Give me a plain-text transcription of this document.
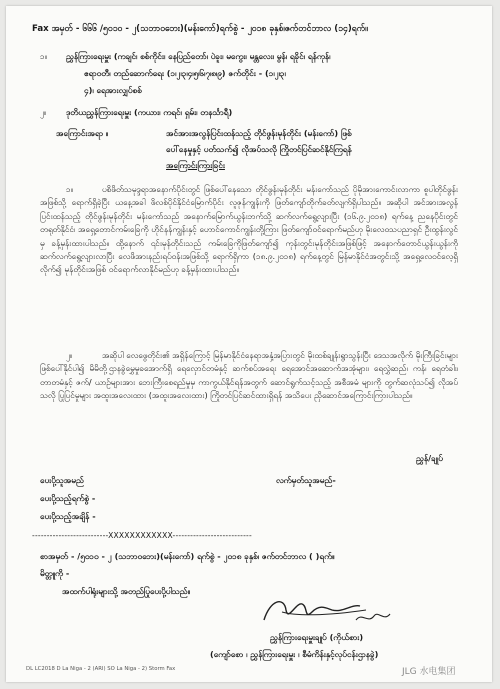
Fax အမှတ် - ၆၆၆ /၅၀၁၀ - ၂(သဘာဝဘေး)(မန်းကော်)ရက်စွဲ - ၂၀၁၈ ခုနှစ်၊ဇက်တင်ဘာလ (၁၄)ရက်။
၁။ ညွှန်ကြားရေးမှူး (ကချင်၊ စစ်ကိုင်း၊ နေပြည်တော်၊ ပဲခူး၊ မကွေး၊ မန္တလေး၊ မွန်၊ ရခိုင်၊ ရန်ကုန်၊
ဧရာဝတီ၊ တည်ဆောက်ရေး (၁၊၂၊၃၊၄၊၅၊၆၊၇၊၈၊၉) ဇက်တိုင်း - (၁၊၂၊၃၊
၄)၊ ရေအားလျှပ်စစ်
၂။ ဒုတိယညွှန်ကြားရေးမှူး (ကယား၊ ကရင်၊ ရှမ်း၊ တနင်္သာရီ)
အကြောင်းအရာ ။	အင်အားအလွန်ပြင်းထန်သည့် တိုင်ဖွန်းမုန်တိုင်း (မန်းကော်) ဖြစ်
ပေါ်နေမှုနှင့် ပတ်သက်၍ လိုအပ်သလို ကြိုတင်ပြင်ဆင်နိုင်ကြရန်
အကြောင်းကြားခြင်း
၁။	ပစိဖိတ်သမုဒ္ဒရာအနောက်ပိုင်းတွင် ဖြစ်ပေါ်နေသော တိုင်ဖွန်းမုန်တိုင်း မန်းကော်သည် ပိုမိုအားကောင်းလာကာ စူပါတိုင်ဖွန်းအဖြစ်သို့ ရောက်ရှိခဲ့ပြီး ယနေ့အခါ ဖိလစ်ပိုင်နိုင်ငံမြောက်ပိုင်း လူဇုန်ကျွန်းကို ဖြတ်ကျော်တိုက်ခတ်လျက်ရှိပါသည်။ အဆိုပါ အင်အားအလွန်ပြင်းထန်သည့် တိုင်ဖွန်းမုန်တိုင်း မန်းကော်သည် အနောက်မြောက်ယွန်းဘက်သို့ ဆက်လက်ရွေ့လျားပြီး (၁၆.၉.၂၀၁၈) ရက်နေ့ ညနေပိုင်းတွင် တရုတ်နိုင်ငံ၊ အရှေ့တောင်ကမ်းခြေကို ဟိုင်နန်ကျွန်းနှင့် ဟောင်ကောင်ကျွန်းတို့ကြား ဖြတ်ကျော်ဝင်ရောက်မည်ဟု မိုးလေဝသပညာရှင် ဦးထွန်းလွင်မှ ခန့်မှန်းထားပါသည်။ ထို့နောက် ၎င်းမုန်တိုင်းသည် ကမ်းခြေကိုဖြတ်ကျော်၍ ကုန်းတွင်းမုန်တိုင်းအဖြစ်ဖြင့် အနောက်တောင်ယွန်းယွန်းကို ဆက်လက်ရွေ့လျားလာပြီး လေဖိအားနည်းရပ်ဝန်းအဖြစ်သို့ ရောက်ရှိကာ (၁၈.၉.၂၀၁၈) ရက်နေ့တွင် မြန်မာနိုင်ငံအတွင်းသို့ အရှေ့လေဝင်လေ့ရှိလိုက်၍ မုန်တိုင်းအဖြစ် ဝင်ရောက်လာနိုင်မည်ဟု ခန့်မှန်းထားပါသည်။
၂။	အဆိုပါ လေဖွေတိုင်း၏ အရှိန်ကြောင့် မြန်မာနိုင်ငံနေရာအနှံ့အပြားတွင် မိုးထစ်ချုန်းရွာသွန်းပြီး ဒေသအလိုက် မိုးကြီးခြင်းများ ဖြစ်ပေါ်နိုင်ပါ၍ မိမိတို့ဌာနခွဲမွှေမှုခအောက်ရှိ ရေလှောင်တမံနှင့် ဆက်စပ်အရေး ရေအောင်အဆောက်အအုံများ၊ ရေလွှဲဆည်၊ ကန်၊ ရေတံခါး၊ တာတမံနှင့် ဇက်/ ယာဉ်များအား ဘေးကြီးစေရည်မှုမှ ကာကွယ်နိုင်ရန်အတွက် ဆောင်ရွက်သင့်သည့် အစီအမံ များကို တွက်ဆလုံသပ်၍ လိုအပ်သလို ပြုပြင်မှုများ အထူးအလေးထား (အထူးအလေးထား) ကြိုတင်ပြင်ဆင်ထားရှိရန် အသိပေး ညှိဆောင်အကြောင်းကြားပါသည်။
ညွှန်/ချုပ်
ပေးပို့သူအမည်	လက်မှတ်သူအမည်-
ပေးပို့သည့်ရက်စွဲ -
ပေးပို့သည့်အချိန် -
--------------------------XXXXXXXXXXXX---------------------------
စာအမှတ် - /၅၀၁၀ - ၂ (သဘာဝဘေး)(မန်းကော်) ရက်စွဲ - ၂၀၁၈ ခုနှစ်၊ ဇက်တင်ဘာလ ( )ရက်။
မိတ္တူကို -
အထက်ပါရုံးများသို့ အတည်ပြုပေးပို့ပါသည်။
ညွှန်ကြားရေးမှူးချုပ် (ကိုယ်စား)
(ကျော်စော ၊ ညွှန်ကြားရေးမှူး ၊ စီမံကိန်းနှင့်လုပ်ငန်းဌာနခွဲ)
DL LC2018 D La Niga - 2 (ARI) SO La Niga - 2) Storm Fax	JLG 水电集团
